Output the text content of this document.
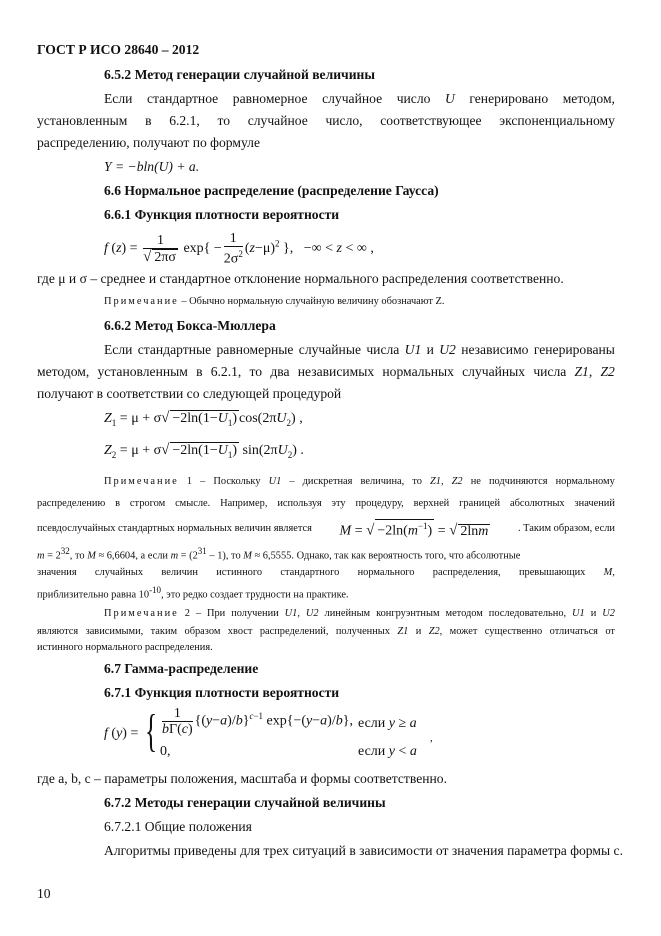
ГОСТ Р ИСО 28640 – 2012
6.5.2 Метод генерации случайной величины
Если стандартное равномерное случайное число U генерировано методом,
установленным в 6.2.1, то случайное число, соответствующее экспоненциальному
распределению, получают по формуле
Y = −bln(U) + a.
6.6 Нормальное распределение (распределение Гаусса)
6.6.1 Функция плотности вероятности
f $(z) = \frac{1}{√ 2\pi\sigma} \exp\{ - \frac{1}{2\sigma^2} (z-\mu)^2$ },   −∞ < z < ∞ ,
где μ и σ – среднее и стандартное отклонение нормального распределения соответственно.
Примечание – Обычно нормальную случайную величину обозначают Z.
6.6.2 Метод Бокса-Мюллера
Если стандартные равномерные случайные числа U1 и U2 независимо генерированы
методом, установленным в 6.2.1, то два независимых нормальных случайных числа Z1, Z2
получают в соответствии со следующей процедурой
$Z_1 = \mu + \sigma√ -2\ln(1-U_1)$ $\cos(2\pi U_2)$ ,
$Z_2 = \mu + \sigma√ -2\ln(1-U_1)$ $\sin(2\pi U_2)$ .
Примечание 1 – Поскольку U1 – дискретная величина, то Z1, Z2 не подчиняются нормальному
распределению в строгом смысле. Например, используя эту процедуру, верхней границей абсолютных значений
псевдослучайных стандартных нормальных величин является M = √ $-2\ln(m^{-1})$ = √ 2lnm	. Таким образом, если
$m = 2^{32}$, то M ≈ 6,6604, а если $m = (2^{31} - 1)$, то M ≈ 6,5555. Однако, так как вероятность того, что абсолютные
значения случайных величин истинного стандартного нормального распределения, превышающих M,
приблизительно равна $10^{-10}$, это редко создает трудности на практике.
Примечание 2 – При получении U1, U2 линейным конгруэнтным методом последовательно, U1 и U2
являются зависимыми, таким образом хвост распределений, полученных Z1 и Z2, может существенно отличаться от
истинного нормального распределения.
6.7 Гамма-распределение
6.7.1 Функция плотности вероятности
f (y) = { $\frac{1}{b\Gamma(c)} \{(y-a)/b\}^{c-1}$ exp{−(y−a)/b}, если y ≥ a
0,	если y < a
,
где a, b, c – параметры положения, масштаба и формы соответственно.
6.7.2 Методы генерации случайной величины
6.7.2.1 Общие положения
Алгоритмы приведены для трех ситуаций в зависимости от значения параметра формы c.
10
